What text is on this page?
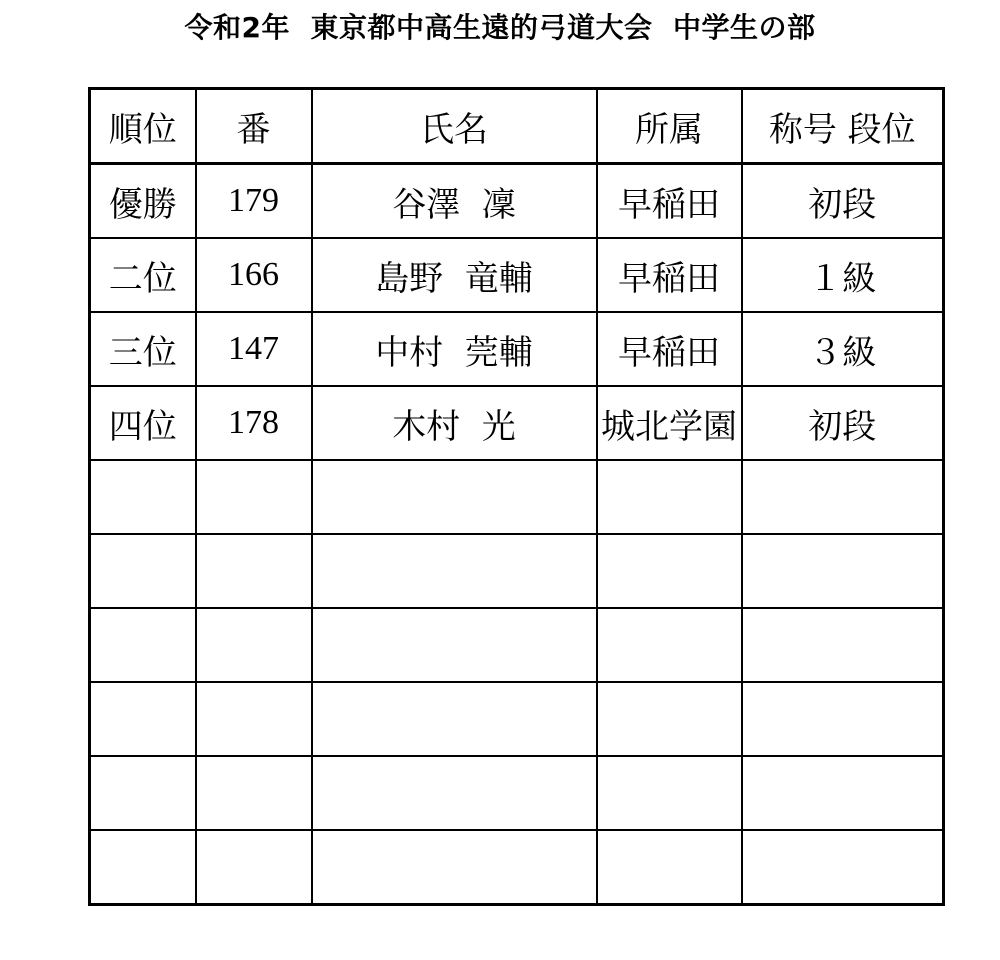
令和2年  東京都中高生遠的弓道大会  中学生の部
順位	番	氏名	所属	称号 段位
優勝	179	谷澤  凜	早稲田	初段
二位	166	島野  竜輔	早稲田	１級
三位	147	中村  莞輔	早稲田	３級
四位	178	木村  光	城北学園	初段
